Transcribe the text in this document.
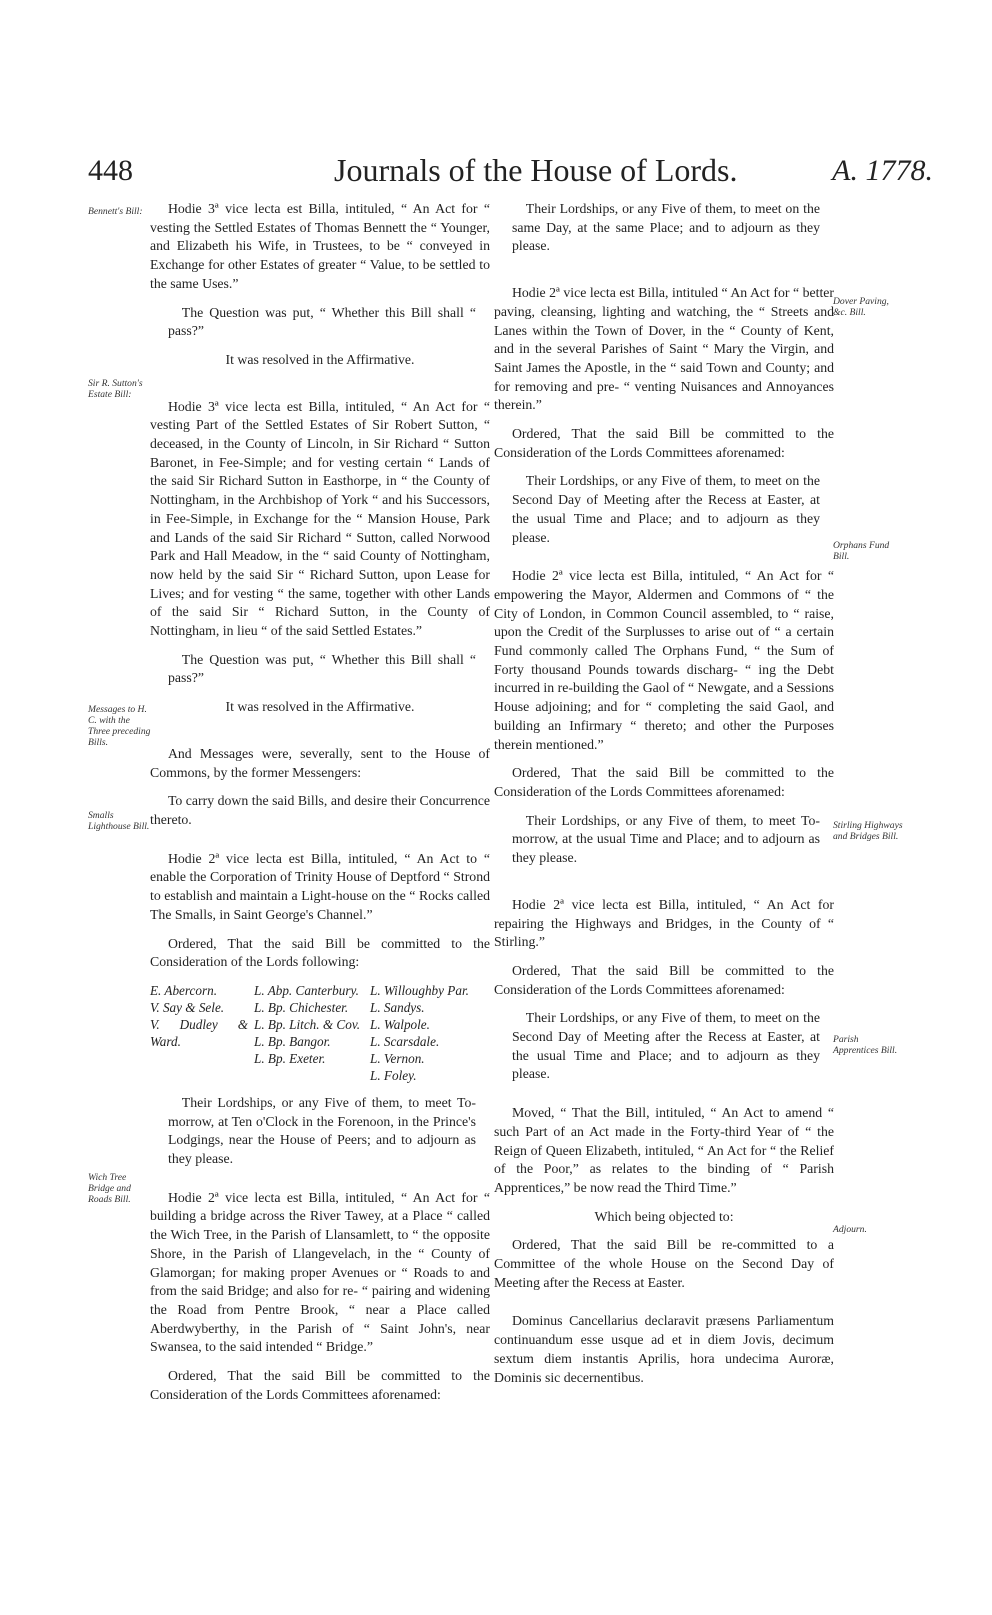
448	Journals of the House of Lords.	A. 1778.
Bennett's Bill:
Sir R. Sutton's Estate Bill:
Messages to H. C. with the Three preceding Bills.
Smalls Lighthouse Bill.
Wich Tree Bridge and Roads Bill.
Dover Paving, &c. Bill.
Orphans Fund Bill.
Stirling Highways and Bridges Bill.
Parish Apprentices Bill.
Adjourn.

Hodie 3ª vice lecta est Billa, intituled, “ An Act for “ vesting the Settled Estates of Thomas Bennett the “ Younger, and Elizabeth his Wife, in Trustees, to be “ conveyed in Exchange for other Estates of greater “ Value, to be settled to the same Uses.”

The Question was put, “ Whether this Bill shall “ pass?”

It was resolved in the Affirmative.

Hodie 3ª vice lecta est Billa, intituled, “ An Act for “ vesting Part of the Settled Estates of Sir Robert Sutton, “ deceased, in the County of Lincoln, in Sir Richard “ Sutton Baronet, in Fee-Simple; and for vesting certain “ Lands of the said Sir Richard Sutton in Easthorpe, in “ the County of Nottingham, in the Archbishop of York “ and his Successors, in Fee-Simple, in Exchange for the “ Mansion House, Park and Lands of the said Sir Richard “ Sutton, called Norwood Park and Hall Meadow, in the “ said County of Nottingham, now held by the said Sir “ Richard Sutton, upon Lease for Lives; and for vesting “ the same, together with other Lands of the said Sir “ Richard Sutton, in the County of Nottingham, in lieu “ of the said Settled Estates.”

The Question was put, “ Whether this Bill shall “ pass?”

It was resolved in the Affirmative.

And Messages were, severally, sent to the House of Commons, by the former Messengers:

To carry down the said Bills, and desire their Concurrence thereto.

Hodie 2ª vice lecta est Billa, intituled, “ An Act to “ enable the Corporation of Trinity House of Deptford “ Strond to establish and maintain a Light-house on the “ Rocks called The Smalls, in Saint George's Channel.”

Ordered, That the said Bill be committed to the Consideration of the Lords following:

E. Abercorn.
V. Say & Sele.
V. Dudley & Ward.
L. Abp. Canterbury.
L. Bp. Chichester.
L. Bp. Litch. & Cov.
L. Bp. Bangor.
L. Bp. Exeter.
L. Willoughby Par.
L. Sandys.
L. Walpole.
L. Scarsdale.
L. Vernon.
L. Foley.

Their Lordships, or any Five of them, to meet To-morrow, at Ten o'Clock in the Forenoon, in the Prince's Lodgings, near the House of Peers; and to adjourn as they please.

Hodie 2ª vice lecta est Billa, intituled, “ An Act for “ building a bridge across the River Tawey, at a Place “ called the Wich Tree, in the Parish of Llansamlett, to “ the opposite Shore, in the Parish of Llangevelach, in the “ County of Glamorgan; for making proper Avenues or “ Roads to and from the said Bridge; and also for re- “ pairing and widening the Road from Pentre Brook, “ near a Place called Aberdwyberthy, in the Parish of “ Saint John's, near Swansea, to the said intended “ Bridge.”

Ordered, That the said Bill be committed to the Consideration of the Lords Committees aforenamed:

Their Lordships, or any Five of them, to meet on the same Day, at the same Place; and to adjourn as they please.

Hodie 2ª vice lecta est Billa, intituled “ An Act for “ better paving, cleansing, lighting and watching, the “ Streets and Lanes within the Town of Dover, in the “ County of Kent, and in the several Parishes of Saint “ Mary the Virgin, and Saint James the Apostle, in the “ said Town and County; and for removing and pre- “ venting Nuisances and Annoyances therein.”

Ordered, That the said Bill be committed to the Consideration of the Lords Committees aforenamed:

Their Lordships, or any Five of them, to meet on the Second Day of Meeting after the Recess at Easter, at the usual Time and Place; and to adjourn as they please.

Hodie 2ª vice lecta est Billa, intituled, “ An Act for “ empowering the Mayor, Aldermen and Commons of “ the City of London, in Common Council assembled, to “ raise, upon the Credit of the Surplusses to arise out of “ a certain Fund commonly called The Orphans Fund, “ the Sum of Forty thousand Pounds towards discharg- “ ing the Debt incurred in re-building the Gaol of “ Newgate, and a Sessions House adjoining; and for “ completing the said Gaol, and building an Infirmary “ thereto; and other the Purposes therein mentioned.”

Ordered, That the said Bill be committed to the Consideration of the Lords Committees aforenamed:

Their Lordships, or any Five of them, to meet To-morrow, at the usual Time and Place; and to adjourn as they please.

Hodie 2ª vice lecta est Billa, intituled, “ An Act for repairing the Highways and Bridges, in the County of “ Stirling.”

Ordered, That the said Bill be committed to the Consideration of the Lords Committees aforenamed:

Their Lordships, or any Five of them, to meet on the Second Day of Meeting after the Recess at Easter, at the usual Time and Place; and to adjourn as they please.

Moved, “ That the Bill, intituled, “ An Act to amend “ such Part of an Act made in the Forty-third Year of “ the Reign of Queen Elizabeth, intituled, “ An Act for “ the Relief of the Poor,” as relates to the binding of “ Parish Apprentices,” be now read the Third Time.”

Which being objected to:

Ordered, That the said Bill be re-committed to a Committee of the whole House on the Second Day of Meeting after the Recess at Easter.

Dominus Cancellarius declaravit præsens Parliamentum continuandum esse usque ad et in diem Jovis, decimum sextum diem instantis Aprilis, hora undecima Auroræ, Dominis sic decernentibus.
